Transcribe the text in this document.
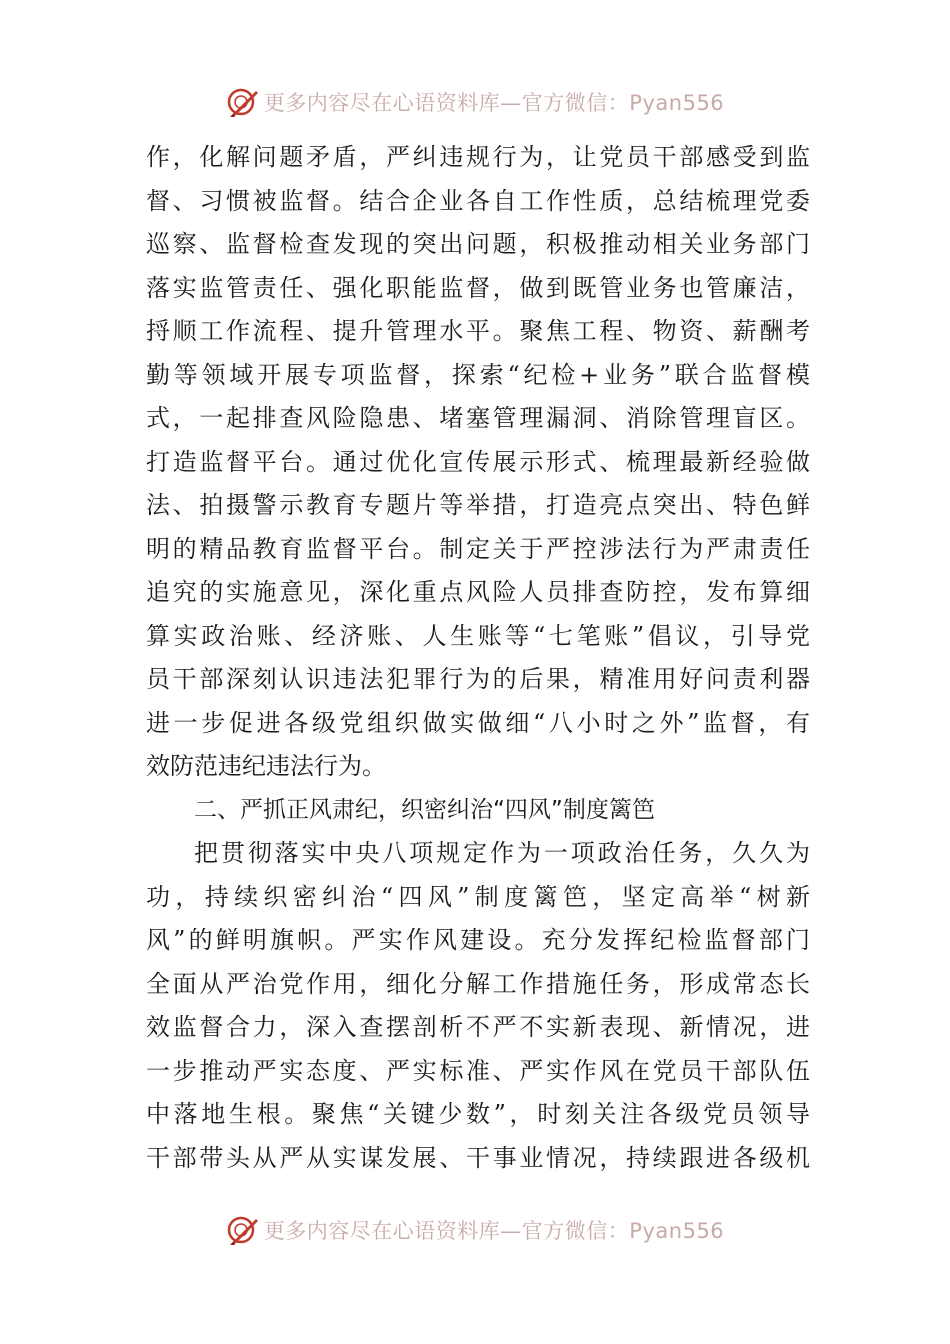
更多内容尽在心语资料库—官方微信：Pyan556
作，化解问题矛盾，严纠违规行为，让党员干部感受到监
督、习惯被监督。结合企业各自工作性质，总结梳理党委
巡察、监督检查发现的突出问题，积极推动相关业务部门
落实监管责任、强化职能监督，做到既管业务也管廉洁，
捋顺工作流程、提升管理水平。聚焦工程、物资、薪酬考
勤等领域开展专项监督，探索“纪检+业务”联合监督模
式，一起排查风险隐患、堵塞管理漏洞、消除管理盲区。
打造监督平台。通过优化宣传展示形式、梳理最新经验做
法、拍摄警示教育专题片等举措，打造亮点突出、特色鲜
明的精品教育监督平台。制定关于严控涉法行为严肃责任
追究的实施意见，深化重点风险人员排查防控，发布算细
算实政治账、经济账、人生账等“七笔账”倡议，引导党
员干部深刻认识违法犯罪行为的后果，精准用好问责利器
进一步促进各级党组织做实做细“八小时之外”监督，有
效防范违纪违法行为。
二、严抓正风肃纪，织密纠治“四风”制度篱笆
把贯彻落实中央八项规定作为一项政治任务，久久为
功，持续织密纠治“四风”制度篱笆，坚定高举“树新
风”的鲜明旗帜。严实作风建设。充分发挥纪检监督部门
全面从严治党作用，细化分解工作措施任务，形成常态长
效监督合力，深入查摆剖析不严不实新表现、新情况，进
一步推动严实态度、严实标准、严实作风在党员干部队伍
中落地生根。聚焦“关键少数”，时刻关注各级党员领导
干部带头从严从实谋发展、干事业情况，持续跟进各级机
更多内容尽在心语资料库—官方微信：Pyan556
